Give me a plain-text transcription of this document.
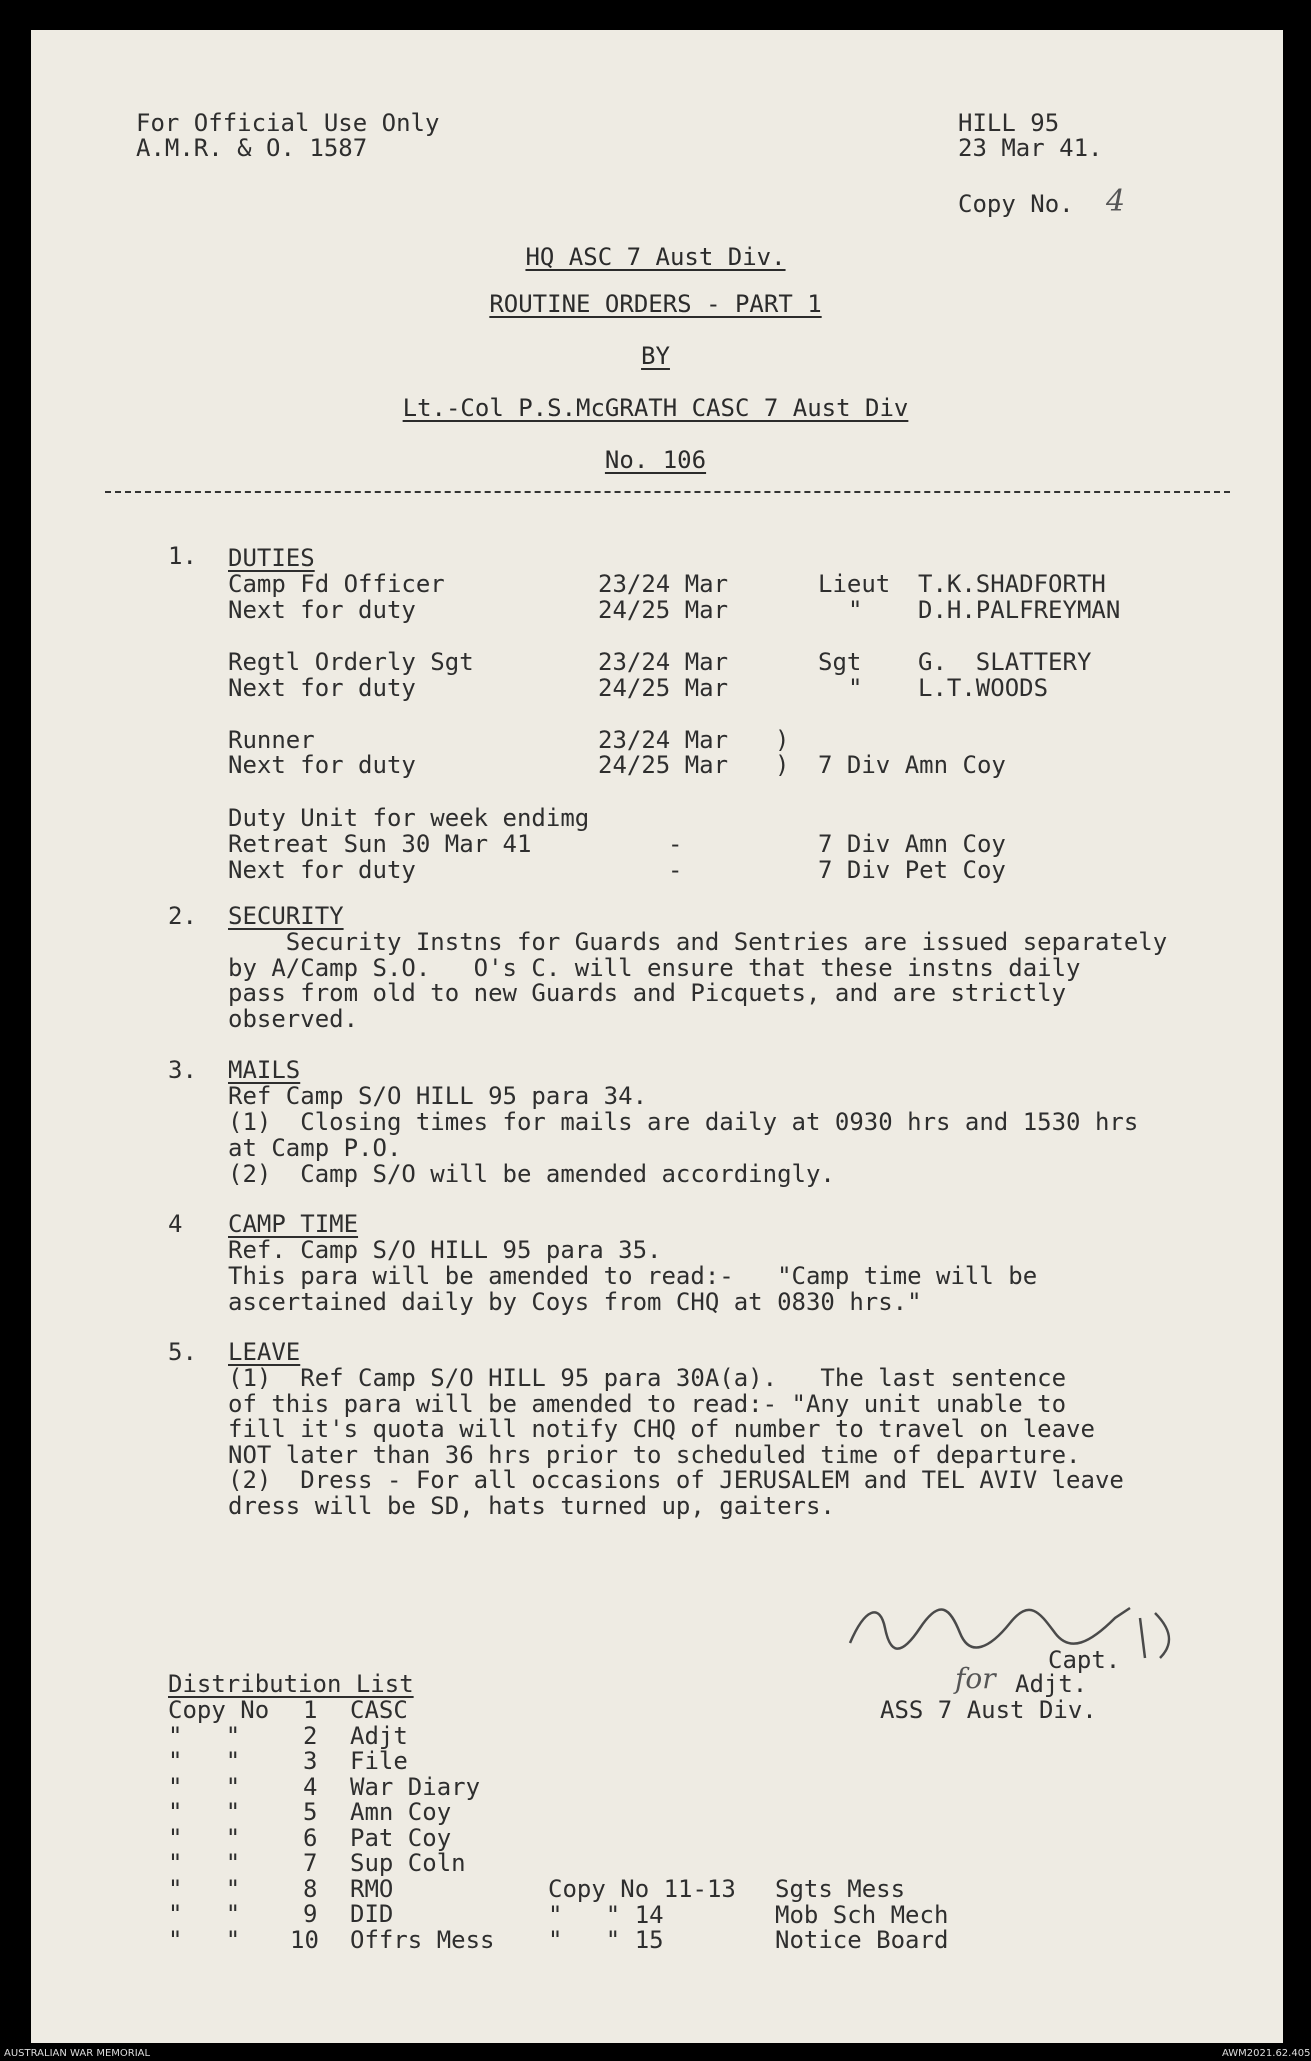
For Official Use Only
A.M.R. & O. 1587
HILL 95
23 Mar 41.
Copy No. 4
HQ ASC 7 Aust Div.
ROUTINE ORDERS - PART 1
BY
Lt.-Col P.S.McGRATH CASC 7 Aust Div
No. 106
1. DUTIES
Camp Fd Officer	23/24 Mar	Lieut T.K.SHADFORTH
Next for duty	24/25 Mar	" D.H.PALFREYMAN
Regtl Orderly Sgt	23/24 Mar	Sgt G.  SLATTERY
Next for duty	24/25 Mar	" L.T.WOODS
Runner	23/24 Mar )
Next for duty	24/25 Mar ) 7 Div Amn Coy
Duty Unit for week endimg
Retreat Sun 30 Mar 41	-	7 Div Amn Coy
Next for duty	-	7 Div Pet Coy
2. SECURITY
Security Instns for Guards and Sentries are issued separately
by A/Camp S.O.   O's C. will ensure that these instns daily
pass from old to new Guards and Picquets, and are strictly
observed.
3. MAILS
Ref Camp S/O HILL 95 para 34.
(1)  Closing times for mails are daily at 0930 hrs and 1530 hrs
at Camp P.O.
(2)  Camp S/O will be amended accordingly.
4 CAMP TIME
Ref. Camp S/O HILL 95 para 35.
This para will be amended to read:-   "Camp time will be
ascertained daily by Coys from CHQ at 0830 hrs."
5. LEAVE
(1)  Ref Camp S/O HILL 95 para 30A(a).   The last sentence
of this para will be amended to read:- "Any unit unable to
fill it's quota will notify CHQ of number to travel on leave
NOT later than 36 hrs prior to scheduled time of departure.
(2)  Dress - For all occasions of JERUSALEM and TEL AVIV leave
dress will be SD, hats turned up, gaiters.
Capt.
for Adjt.
ASS 7 Aust Div.
Distribution List
Copy No 1 CASC
"   "	2 Adjt
"   "	3 File
"   "	4 War Diary
"   "	5 Amn Coy
"   "	6 Pat Coy
"   "	7 Sup Coln
"   "	8 RMO
"   "	9 DID
"   " 10 Offrs Mess
Copy No 11-13 Sgts Mess
"   " 14	Mob Sch Mech
"   " 15	Notice Board
AUSTRALIAN WAR MEMORIAL	AWM2021.62.405
